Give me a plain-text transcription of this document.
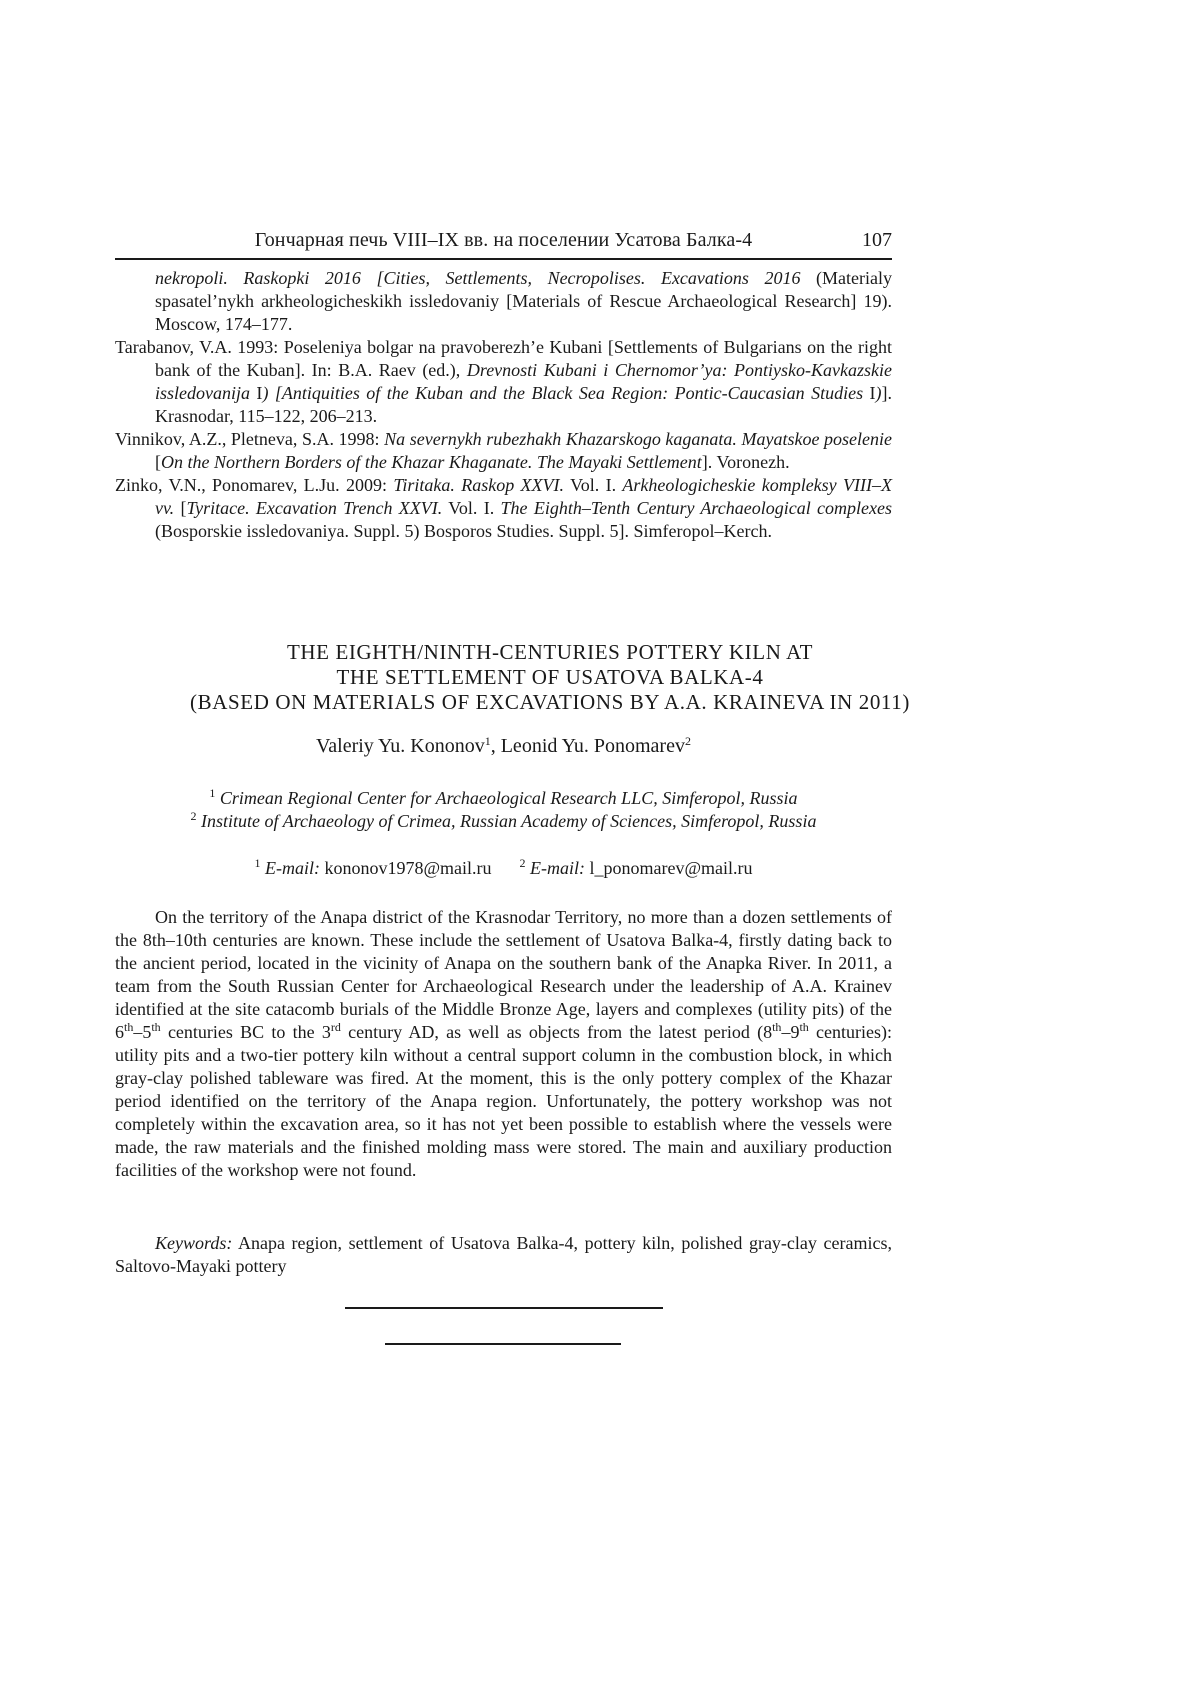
Гончарная печь VIII–IX вв. на поселении Усатова Балка-4	107

nekropoli. Raskopki 2016 [Cities, Settlements, Necropolises. Excavations 2016 (Materialy spasatel’nykh arkheologicheskikh issledovaniy [Materials of Rescue Archaeological Research] 19). Moscow, 174–177.

Tarabanov, V.A. 1993: Poseleniya bolgar na pravoberezh’e Kubani [Settlements of Bulgarians on the right bank of the Kuban]. In: B.A. Raev (ed.), Drevnosti Kubani i Chernomor’ya: Pontiysko-Kavkazskie issledovanija I) [Antiquities of the Kuban and the Black Sea Region: Pontic-Caucasian Studies I)]. Krasnodar, 115–122, 206–213.

Vinnikov, A.Z., Pletneva, S.A. 1998: Na severnykh rubezhakh Khazarskogo kaganata. Mayatskoe poselenie [On the Northern Borders of the Khazar Khaganate. The Mayaki Settlement]. Voronezh.

Zinko, V.N., Ponomarev, L.Ju. 2009: Tiritaka. Raskop XXVI. Vol. I. Arkheologicheskie kompleksy VIII–X vv. [Tyritace. Excavation Trench XXVI. Vol. I. The Eighth–Tenth Century Archaeological complexes (Bosporskie issledovaniya. Suppl. 5) Bosporos Studies. Suppl. 5]. Simferopol–Kerch.

THE EIGHTH/NINTH-CENTURIES POTTERY KILN AT
THE SETTLEMENT OF USATOVA BALKA-4
(BASED ON MATERIALS OF EXCAVATIONS BY A.A. KRAINEVA IN 2011)
Valeriy Yu. Kononov$^1$, Leonid Yu. Ponomarev$^2$
$^1$ Crimean Regional Center for Archaeological Research LLC, Simferopol, Russia
$^2$ Institute of Archaeology of Crimea, Russian Academy of Sciences, Simferopol, Russia
$^1$ E-mail: kononov1978@mail.ru $^2$ E-mail: l_ponomarev@mail.ru

On the territory of the Anapa district of the Krasnodar Territory, no more than a dozen settlements of the 8th–10th centuries are known. These include the settlement of Usatova Balka-4, firstly dating back to the ancient period, located in the vicinity of Anapa on the southern bank of the Anapka River. In 2011, a team from the South Russian Center for Archaeological Research under the leadership of A.A. Krainev identified at the site catacomb burials of the Middle Bronze Age, layers and complexes (utility pits) of the 6th–5th centuries BC to the 3rd century AD, as well as objects from the latest period (8th–9th centuries): utility pits and a two-tier pottery kiln without a central support column in the combustion block, in which gray-clay polished tableware was fired. At the moment, this is the only pottery complex of the Khazar period identified on the territory of the Anapa region. Unfortunately, the pottery workshop was not completely within the excavation area, so it has not yet been possible to establish where the vessels were made, the raw materials and the finished molding mass were stored. The main and auxiliary production facilities of the workshop were not found.

Keywords: Anapa region, settlement of Usatova Balka-4, pottery kiln, polished gray-clay ceramics, Saltovo-Mayaki pottery
